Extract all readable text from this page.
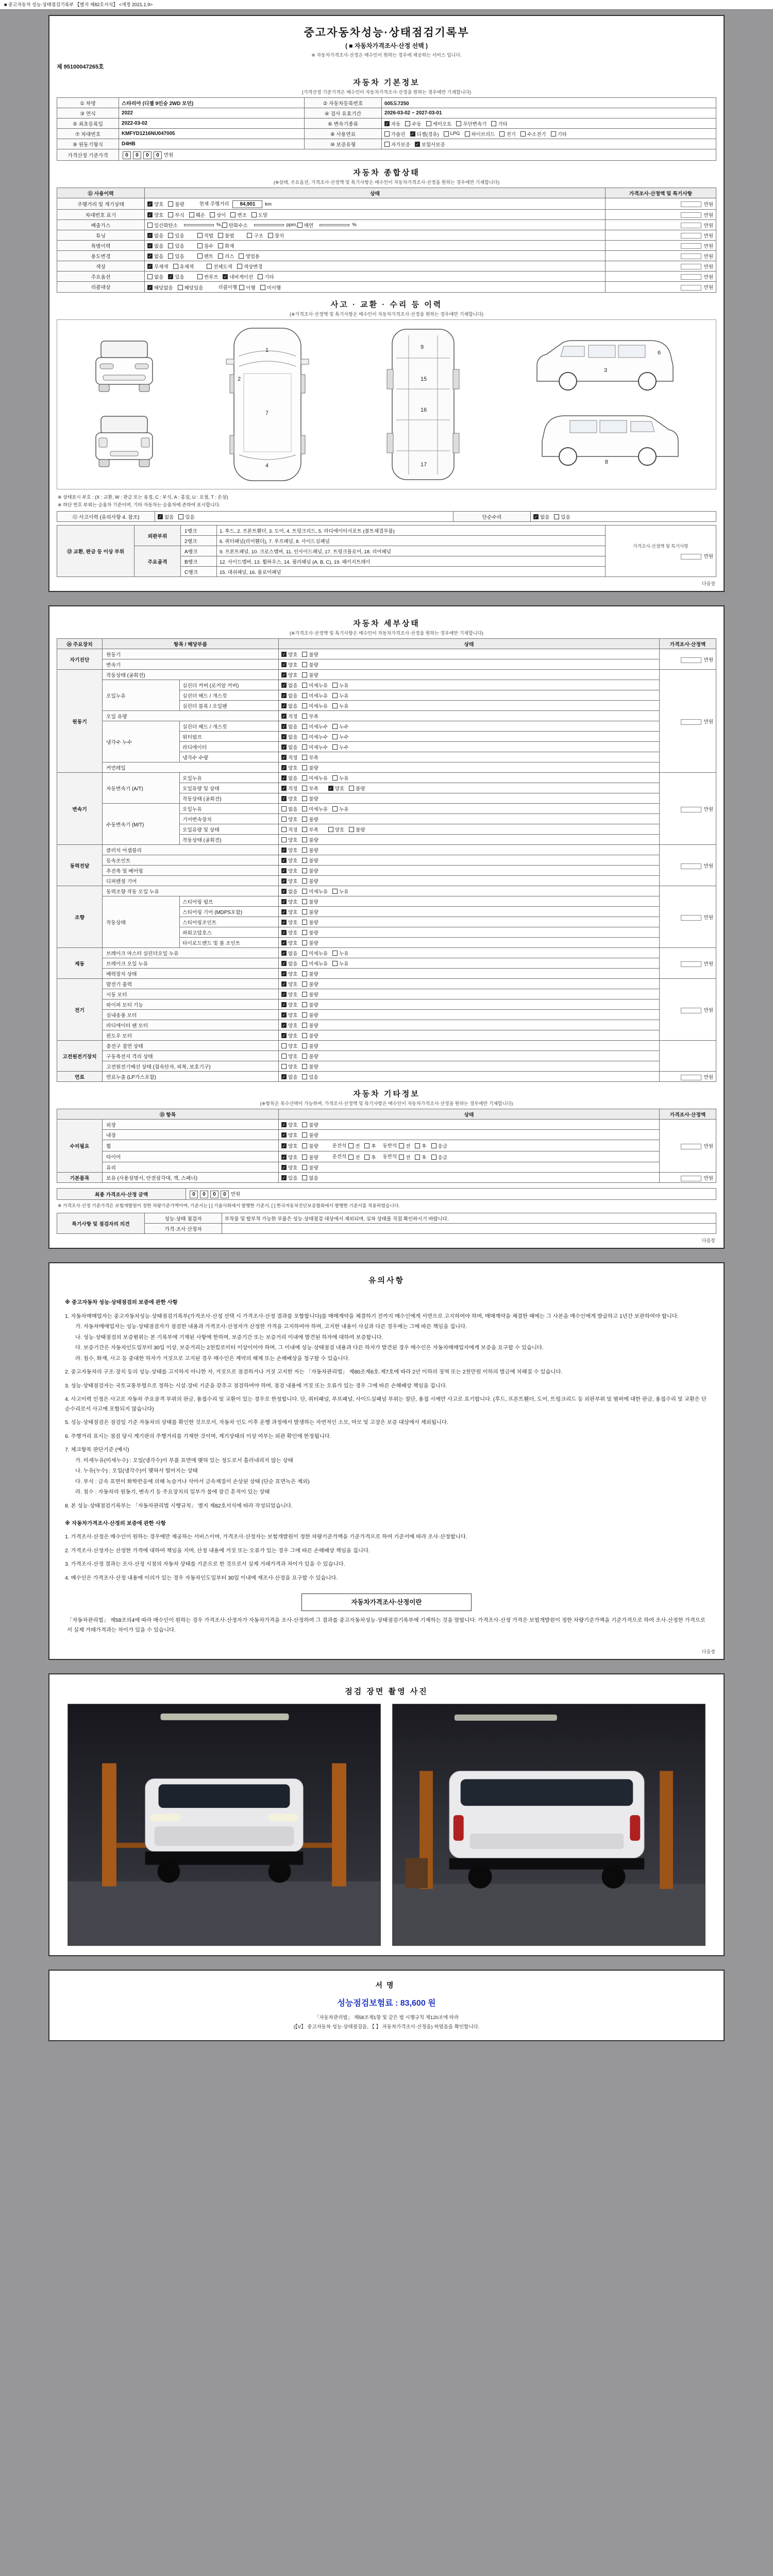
■ 중고자동차 성능·상태점검기록부 【별지 제82호서식】 <개정 2021.1.9>
중고자동차성능·상태점검기록부
( ■ 자동차가격조사·산정 선택 )
※ 자동차가격조사·산정은 매수인이 원하는 경우에 제공하는 서비스 입니다.
제 95100047265호
자동차 기본정보
(가격산정 기준가격은 매수인이 자동차가격조사·산정을 원하는 경우에만 기재합니다)
① 차명	스타리아 (디젤 9인승 2WD 모던)	② 자동차등록번호	005도7250
③ 연식	2022	④ 검사 유효기간	2026-03-02 ~ 2027-03-01
⑤ 최초등록일	2022-03-02	⑥ 변속기종류	✓ 자동 수동 세미오토 무단변속기 기타

⑦ 차대번호	KMFYD1216NU047005	⑧ 사용연료	가솔린 ✓ 디젤(경유) LPG 하이브리드 전기 수소전기 기타

⑨ 원동기형식	D4HB	⑩ 보증유형	자가보증 ✓ 보험사보증

가격산정 기준가격	0 0 0 0 만원		
자동차 종합상태
(※상태, 주요옵션, 가격조사·산정액 및 특기사항은 매수인이 자동차가격조사·산정을 원하는 경우에만 기재합니다)
⑪ 사용이력	상태	가격조사·산정액 및 특기사항
주행거리 및 계기상태	✓ 양호 불량 현재 주행거리 84,901 km	만원
차대번호 표기	✓ 양호 부식 훼손 상이 변조 도말	만원
배출가스	일산화탄소	%, 탄화수소	ppm, 매연	%	만원
튜닝	✓ 없음 있음	적법 불법	구조 장치	만원
특별이력	✓ 없음 있음 침수 화재	만원
용도변경	✓ 없음 있음	렌트 리스 영업용	만원
색상	✓ 무채색 유채색 전체도색 색상변경	만원
주요옵션	없음 ✓ 있음	썬루프 ✓ 네비게이션 기타	만원
리콜대상	✓ 해당없음 해당있음	리콜이행 이행 미이행	만원
사고 · 교환 · 수리 등 이력
(※가격조사·산정액 및 특기사항은 매수인이 자동차가격조사·산정을 원하는 경우에만 기재합니다)
1
2
7
4
9
15
16
17
3
6
8
※ 상태표시 부호 : (X : 교환, W : 판금 또는 용접, C : 부식, A : 흠집, U : 요철, T : 손상)
※ 하단 번호 부위는 승용차 기준이며, 기타 자동차는 승용차에 준하여 표시합니다.
⑫ 사고이력 (유의사항 4. 참조)	✓ 없음 있음	단순수리	✓ 없음 있음
⑬ 교환, 판금 등 이상 부위	외판부위	1랭크	1. 후드, 2. 프론트휀더, 3. 도어, 4. 트렁크리드, 5. 라디에이터서포트 (볼트체결부품)	가격조사·산정액 및 특기사항
만원

		2랭크	6. 쿼터패널(리어휀더), 7. 루프패널, 8. 사이드실패널	
	주요골격	A랭크	9. 프론트패널, 10. 크로스멤버, 11. 인사이드패널, 17. 트렁크플로어, 18. 리어패널	
		B랭크	12. 사이드멤버, 13. 휠하우스, 14. 필러패널 (A, B, C), 19. 패키지트레이	
		C랭크	15. 대쉬패널, 16. 플로어패널	
다음장
자동차 세부상태
(※가격조사·산정액 및 특기사항은 매수인이 자동차가격조사·산정을 원하는 경우에만 기재합니다)
⑭ 주요장치	항목 / 해당부품		상태	가격조사·산정액
자기진단	원동기		✓ 양호 불량	만원
	변속기		✓ 양호 불량	

원동기	작동상태 (공회전)		✓ 양호 불량	만원
	오일누유	실린더 커버 (로커암 커버)	✓ 없음 미세누유 누유	

		실린더 헤드 / 개스킷	✓ 없음 미세누유 누유	

		실린더 블록 / 오일팬	✓ 없음 미세누유 누유	

	오일 유량		✓ 적정 부족	

	냉각수 누수	실린더 헤드 / 개스킷	✓ 없음 미세누수 누수	

		워터펌프	✓ 없음 미세누수 누수	

		라디에이터	✓ 없음 미세누수 누수	

		냉각수 수량	✓ 적정 부족	

	커먼레일		✓ 양호 불량	

변속기	자동변속기 (A/T)	오일누유	✓ 없음 미세누유 누유	만원
오일유량 및 상태	✓ 적정 부족	✓ 양호 불량

		작동상태 (공회전)	✓ 양호 불량	

	수동변속기 (M/T)	오일누유	없음 미세누유 누유	

		기어변속장치	양호 불량	

		오일유량 및 상태	적정 부족 양호 불량	

		작동상태 (공회전)	양호 불량	

동력전달	클러치 어셈블리		✓ 양호 불량	만원
	등속조인트		✓ 양호 불량	

	추진축 및 베어링		✓ 양호 불량	

	디퍼렌셜 기어		✓ 양호 불량	

조향	동력조향 작동 오일 누유		✓ 없음 미세누유 누유	만원
	작동상태	스티어링 펌프	✓ 양호 불량	

		스티어링 기어 (MDPS포함)	✓ 양호 불량	

		스티어링조인트	✓ 양호 불량	

		파워고압호스	✓ 양호 불량	

		타이로드엔드 및 볼 조인트	✓ 양호 불량	

제동	브레이크 마스터 실린더오일 누유		✓ 없음 미세누유 누유	만원
	브레이크 오일 누유		✓ 없음 미세누유 누유	

	배력장치 상태		✓ 양호 불량	

전기	발전기 출력		✓ 양호 불량	만원
	시동 모터		✓ 양호 불량	

	와이퍼 모터 기능		✓ 양호 불량	

	실내송풍 모터		✓ 양호 불량	

	라디에이터 팬 모터		✓ 양호 불량	

	윈도우 모터		✓ 양호 불량	

고전원전기장치	충전구 절연 상태		양호 불량	

	구동축전지 격리 상태		양호 불량	

	고전원전기배선 상태 (접속단자, 피복, 보호기구)		양호 불량	

연료	연료누출 (LP가스포함)		✓ 없음 있음	만원
자동차 기타정보
(※항목은 복수선택이 가능하며, 가격조사·산정액 및 특기사항은 매수인이 자동차가격조사·산정을 원하는 경우에만 기재합니다)
⑮ 항목		상태	가격조사·산정액
수리필요	외장	✓ 양호 불량	만원
	내장	✓ 양호 불량	

휠	✓ 양호 불량	운전석 전 후 동반석 전 후 응급

타이어	✓ 양호 불량	운전석 전 후 동반석 전 후 응급

	유리	✓ 양호 불량	

기본품목	보유 (사용설명서, 안전삼각대, 잭, 스패너)	✓ 있음 없음	만원
최종 가격조사·산정 금액	0 0 0 0 만원
※ 가격조사·산정 기준가격은 보험개발원이 정한 차량기준가액이며, 기준서는 [ ] 기술사회에서 발행한 기준서, [ ] 한국자동차진단보증협회에서 발행한 기준서를 적용하였습니다.
특기사항 및 점검자의 의견	성능·상태 점검자	부착물 및 탈부착 가능한 부품은 성능·상태점검 대상에서 제외되며, 실차 상태를 직접 확인하시기 바랍니다.
	가격·조사 산정자	
다음장
유의사항
※ 중고자동차 성능·상태점검의 보증에 관한 사항
1. 자동차매매업자는 중고자동차성능·상태점검기록부(가격조사·산정 선택 시 가격조사·산정 결과를 포함합니다)를 매매계약을 체결하기 전까지 매수인에게 서면으로 고지하여야 하며, 매매계약을 체결한 때에는 그 사본을 매수인에게 발급하고 1년간 보관하여야 합니다.
가. 자동차매매업자는 성능·상태점검자가 점검한 내용과 가격조사·산정자가 산정한 가격을 고지하여야 하며, 고지한 내용이 사실과 다른 경우에는 그에 따른 책임을 집니다.
나. 성능·상태점검의 보증범위는 본 기록부에 기재된 사항에 한하며, 보증기간 또는 보증거리 이내에 발견된 하자에 대하여 보증합니다.
다. 보증기간은 자동차인도일부터 30일 이상, 보증거리는 2천킬로미터 이상이어야 하며, 그 이내에 성능·상태점검 내용과 다른 하자가 발견된 경우 매수인은 자동차매매업자에게 보증을 요구할 수 있습니다.
라. 침수, 화재, 사고 등 중대한 하자가 거짓으로 고지된 경우 매수인은 계약의 해제 또는 손해배상을 청구할 수 있습니다.
2. 중고자동차의 구조·장치 등의 성능·상태를 고지하지 아니한 자, 거짓으로 점검하거나 거짓 고지한 자는 「자동차관리법」 제80조제6호·제7호에 따라 2년 이하의 징역 또는 2천만원 이하의 벌금에 처해질 수 있습니다.
3. 성능·상태점검자는 국토교통부령으로 정하는 시설·장비 기준을 갖추고 점검하여야 하며, 점검 내용에 거짓 또는 오류가 있는 경우 그에 따른 손해배상 책임을 집니다.
4. 사고이력 인정은 사고로 자동차 주요골격 부위의 판금, 용접수리 및 교환이 있는 경우로 한정합니다. 단, 쿼터패널, 루프패널, 사이드실패널 부위는 절단, 용접 시에만 사고로 표기합니다. (후드, 프론트휀더, 도어, 트렁크리드 등 외판부위 및 범퍼에 대한 판금, 용접수리 및 교환은 단순수리로서 사고에 포함되지 않습니다)
5. 성능·상태점검은 점검일 기준 자동차의 상태를 확인한 것으로서, 자동차 인도 이후 운행 과정에서 발생하는 자연적인 소모, 마모 및 고장은 보증 대상에서 제외됩니다.
6. 주행거리 표시는 점검 당시 계기판의 주행거리를 기재한 것이며, 계기상태의 이상 여부는 외관 확인에 한정됩니다.
7. 체크항목 판단기준 (예시)
가. 미세누유(미세누수) : 오일(냉각수)이 부품 표면에 맺혀 있는 정도로서 흘러내리지 않는 상태
나. 누유(누수) : 오일(냉각수)이 맺혀서 떨어지는 상태
다. 부식 : 금속 표면이 화학반응에 의해 녹슬거나 삭아서 금속재질이 손상된 상태 (단순 표면녹은 제외)
라. 침수 : 자동차의 원동기, 변속기 등 주요장치의 일부가 물에 잠긴 흔적이 있는 상태
8. 본 성능·상태점검기록부는 「자동차관리법 시행규칙」 별지 제82호서식에 따라 작성되었습니다.
※ 자동차가격조사·산정의 보증에 관한 사항
1. 가격조사·산정은 매수인이 원하는 경우에만 제공하는 서비스이며, 가격조사·산정자는 보험개발원이 정한 차량기준가액을 기준가격으로 하여 기준서에 따라 조사·산정합니다.
2. 가격조사·산정자는 산정한 가격에 대하여 책임을 지며, 산정 내용에 거짓 또는 오류가 있는 경우 그에 따른 손해배상 책임을 집니다.
3. 가격조사·산정 결과는 조사·산정 시점의 자동차 상태를 기준으로 한 것으로서 실제 거래가격과 차이가 있을 수 있습니다.
4. 매수인은 가격조사·산정 내용에 이의가 있는 경우 자동차인도일부터 30일 이내에 재조사·산정을 요구할 수 있습니다.
자동차가격조사·산정이란
「자동차관리법」 제58조의4에 따라 매수인이 원하는 경우 가격조사·산정자가 자동차가격을 조사·산정하여 그 결과를 중고자동차성능·상태점검기록부에 기재하는 것을 말합니다. 가격조사·산정 가격은 보험개발원이 정한 차량기준가액을 기준가격으로 하여 조사·산정한 가격으로서 실제 거래가격과는 차이가 있을 수 있습니다.
다음장
점검 장면 촬영 사진
서명
성능점검보험료 : 83,600 원
「자동차관리법」 제58조제1항 및 같은 법 시행규칙 제120조에 따라
(【V】 중고자동차 성능·상태점검을, 【 】 자동차가격조사·산정을) 하였음을 확인합니다.
